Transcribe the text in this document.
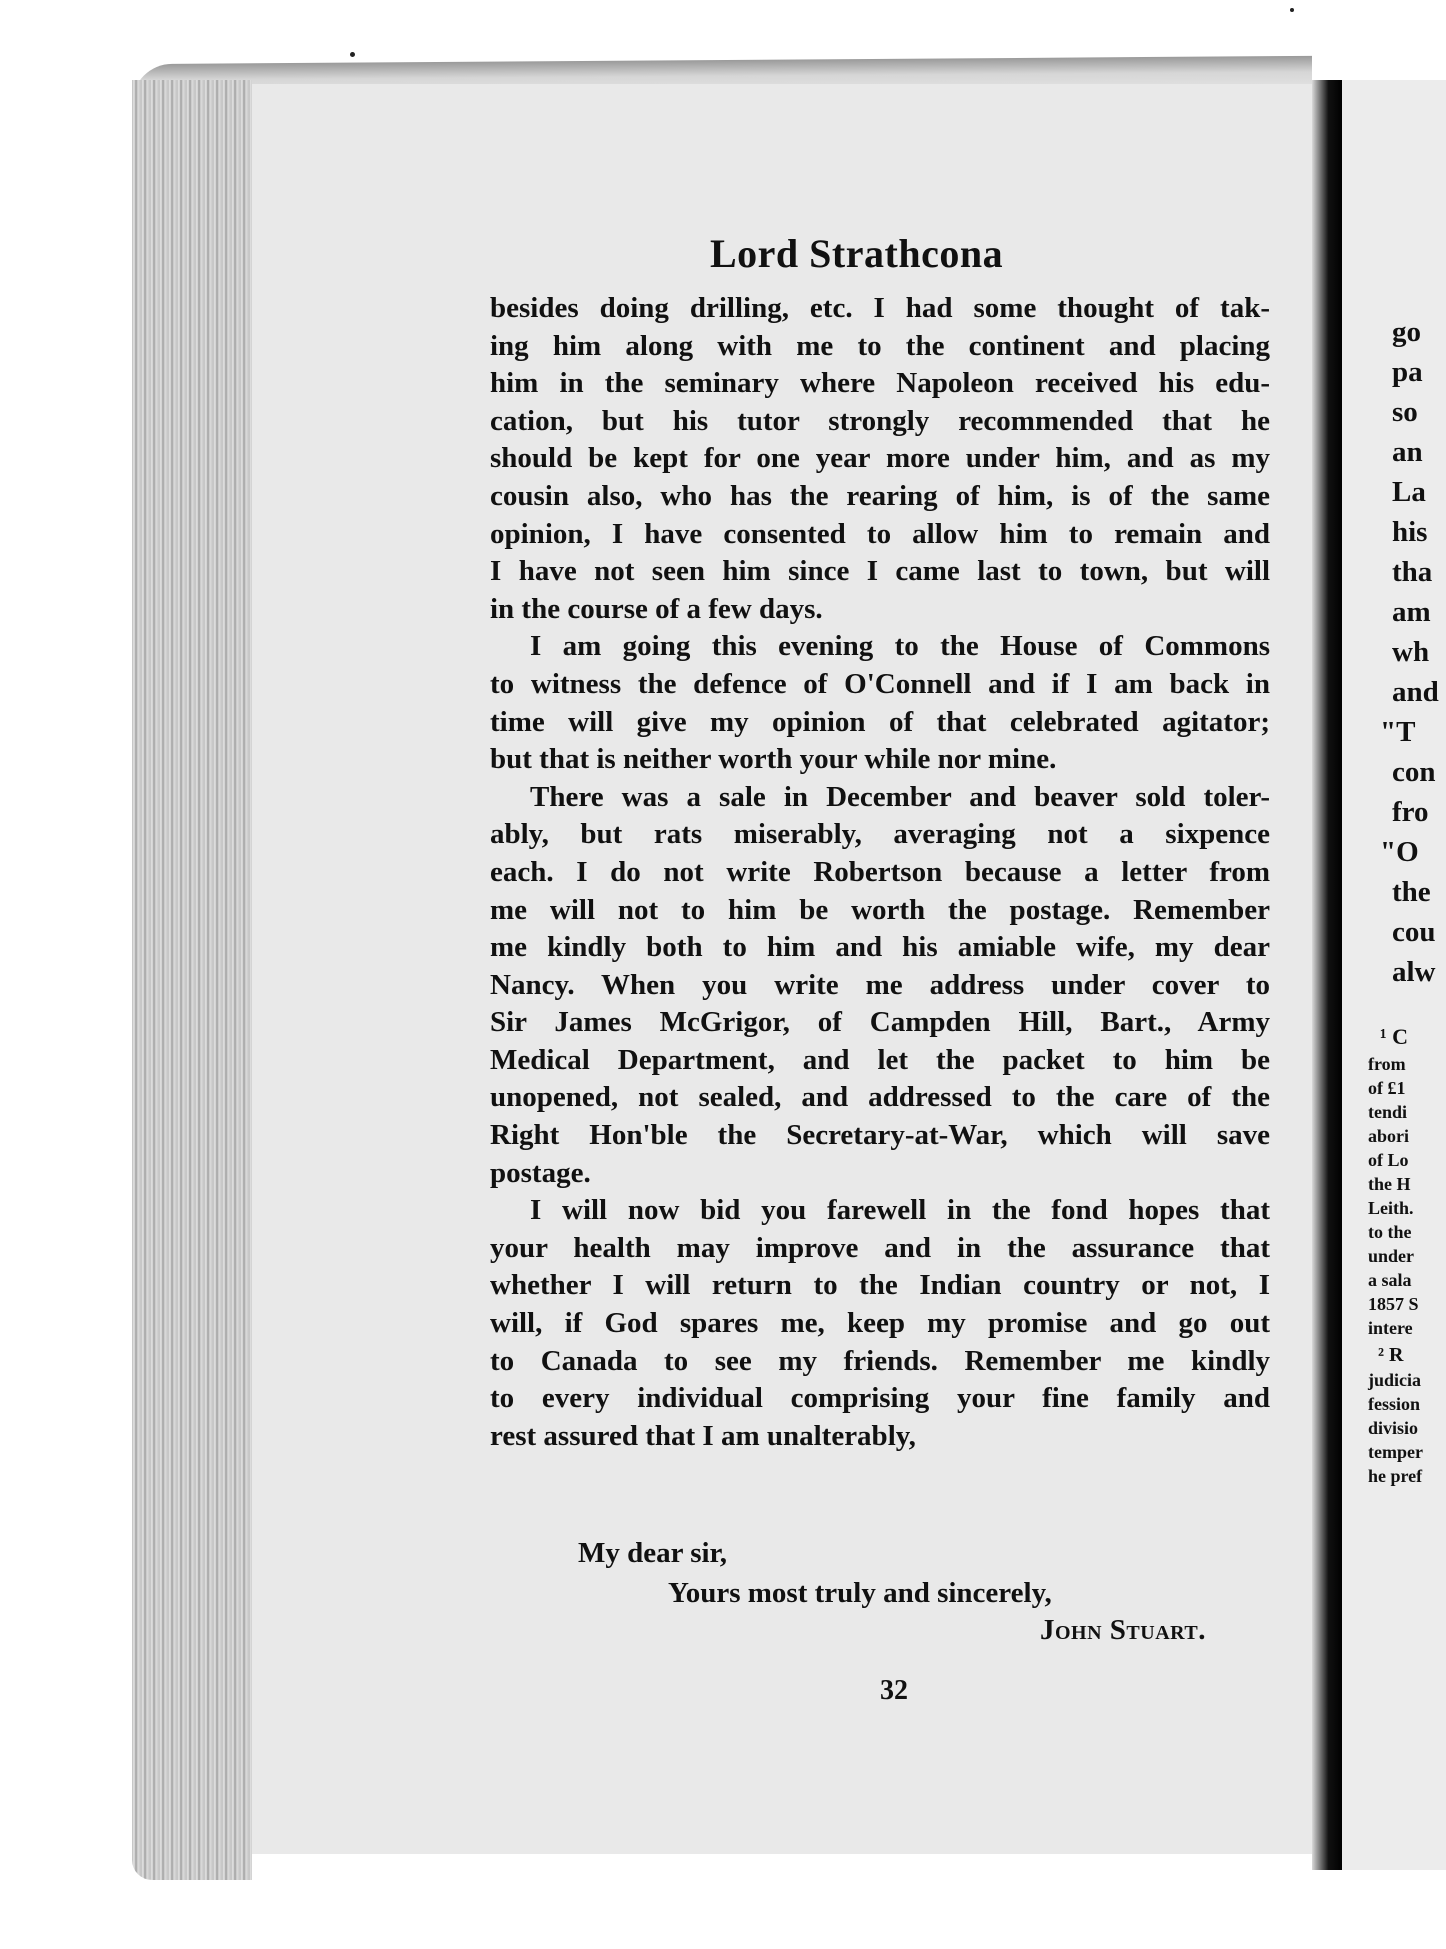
Lord Strathcona

besides doing drilling, etc. I had some thought of tak-
ing him along with me to the continent and placing
him in the seminary where Napoleon received his edu-
cation, but his tutor strongly recommended that he
should be kept for one year more under him, and as my
cousin also, who has the rearing of him, is of the same
opinion, I have consented to allow him to remain and
I have not seen him since I came last to town, but will
in the course of a few days.

I am going this evening to the House of Commons
to witness the defence of O'Connell and if I am back in
time will give my opinion of that celebrated agitator;
but that is neither worth your while nor mine.

There was a sale in December and beaver sold toler-
ably, but rats miserably, averaging not a sixpence
each. I do not write Robertson because a letter from
me will not to him be worth the postage. Remember
me kindly both to him and his amiable wife, my dear
Nancy. When you write me address under cover to
Sir James McGrigor, of Campden Hill, Bart., Army
Medical Department, and let the packet to him be
unopened, not sealed, and addressed to the care of the
Right Hon'ble the Secretary-at-War, which will save
postage.

I will now bid you farewell in the fond hopes that
your health may improve and in the assurance that
whether I will return to the Indian country or not, I
will, if God spares me, keep my promise and go out
to Canada to see my friends. Remember me kindly
to every individual comprising your fine family and
rest assured that I am unalterably,

My dear sir,
Yours most truly and sincerely,
John Stuart.
32
go
pa
so
an
La
his
tha
am
wh
and
"T
con
fro
"O
the
cou
alw
¹ C
from
of £1
tendi
abori
of Lo
the H
Leith.
to the
under
a sala
1857 S
intere
² R
judicia
fession
divisio
temper
he pref
